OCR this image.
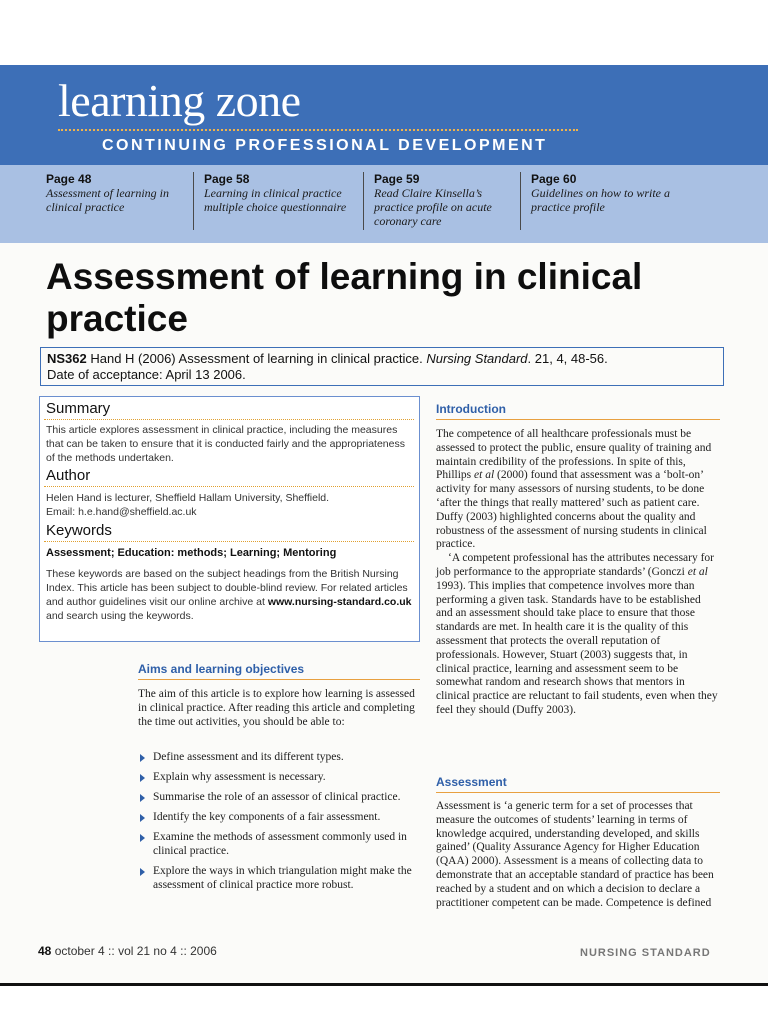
learning zone
CONTINUING PROFESSIONAL DEVELOPMENT
Page 48
Assessment of learning in clinical practice
Page 58
Learning in clinical practice multiple choice questionnaire
Page 59
Read Claire Kinsella’s practice profile on acute coronary care
Page 60
Guidelines on how to write a practice profile
Assessment of learning in clinical practice
NS362 Hand H (2006) Assessment of learning in clinical practice. Nursing Standard. 21, 4, 48-56.
Date of acceptance: April 13 2006.
Summary
This article explores assessment in clinical practice, including the measures that can be taken to ensure that it is conducted fairly and the appropriateness of the methods undertaken.
Author
Helen Hand is lecturer, Sheffield Hallam University, Sheffield.
Email: h.e.hand@sheffield.ac.uk
Keywords
Assessment; Education: methods; Learning; Mentoring
These keywords are based on the subject headings from the British Nursing Index. This article has been subject to double-blind review. For related articles and author guidelines visit our online archive at www.nursing-standard.co.uk and search using the keywords.
Aims and learning objectives
The aim of this article is to explore how learning is assessed in clinical practice. After reading this article and completing the time out activities, you should be able to:
Define assessment and its different types.
Explain why assessment is necessary.
Summarise the role of an assessor of clinical practice.
Identify the key components of a fair assessment.
Examine the methods of assessment commonly used in clinical practice.
Explore the ways in which triangulation might make the assessment of clinical practice more robust.
Introduction

The competence of all healthcare professionals must be assessed to protect the public, ensure quality of training and maintain credibility of the professions. In spite of this, Phillips et al (2000) found that assessment was a ‘bolt-on’ activity for many assessors of nursing students, to be done ‘after the things that really mattered’ such as patient care. Duffy (2003) highlighted concerns about the quality and robustness of the assessment of nursing students in clinical practice.

‘A competent professional has the attributes necessary for job performance to the appropriate standards’ (Gonczi et al 1993). This implies that competence involves more than performing a given task. Standards have to be established and an assessment should take place to ensure that those standards are met. In health care it is the quality of this assessment that protects the overall reputation of professionals. However, Stuart (2003) suggests that, in clinical practice, learning and assessment seem to be somewhat random and research shows that mentors in clinical practice are reluctant to fail students, even when they feel they should (Duffy 2003).

Assessment
Assessment is ‘a generic term for a set of processes that measure the outcomes of students’ learning in terms of knowledge acquired, understanding developed, and skills gained’ (Quality Assurance Agency for Higher Education (QAA) 2000). Assessment is a means of collecting data to demonstrate that an acceptable standard of practice has been reached by a student and on which a decision to declare a practitioner competent can be made. Competence is defined
48 october 4 :: vol 21 no 4 :: 2006	NURSING STANDARD
